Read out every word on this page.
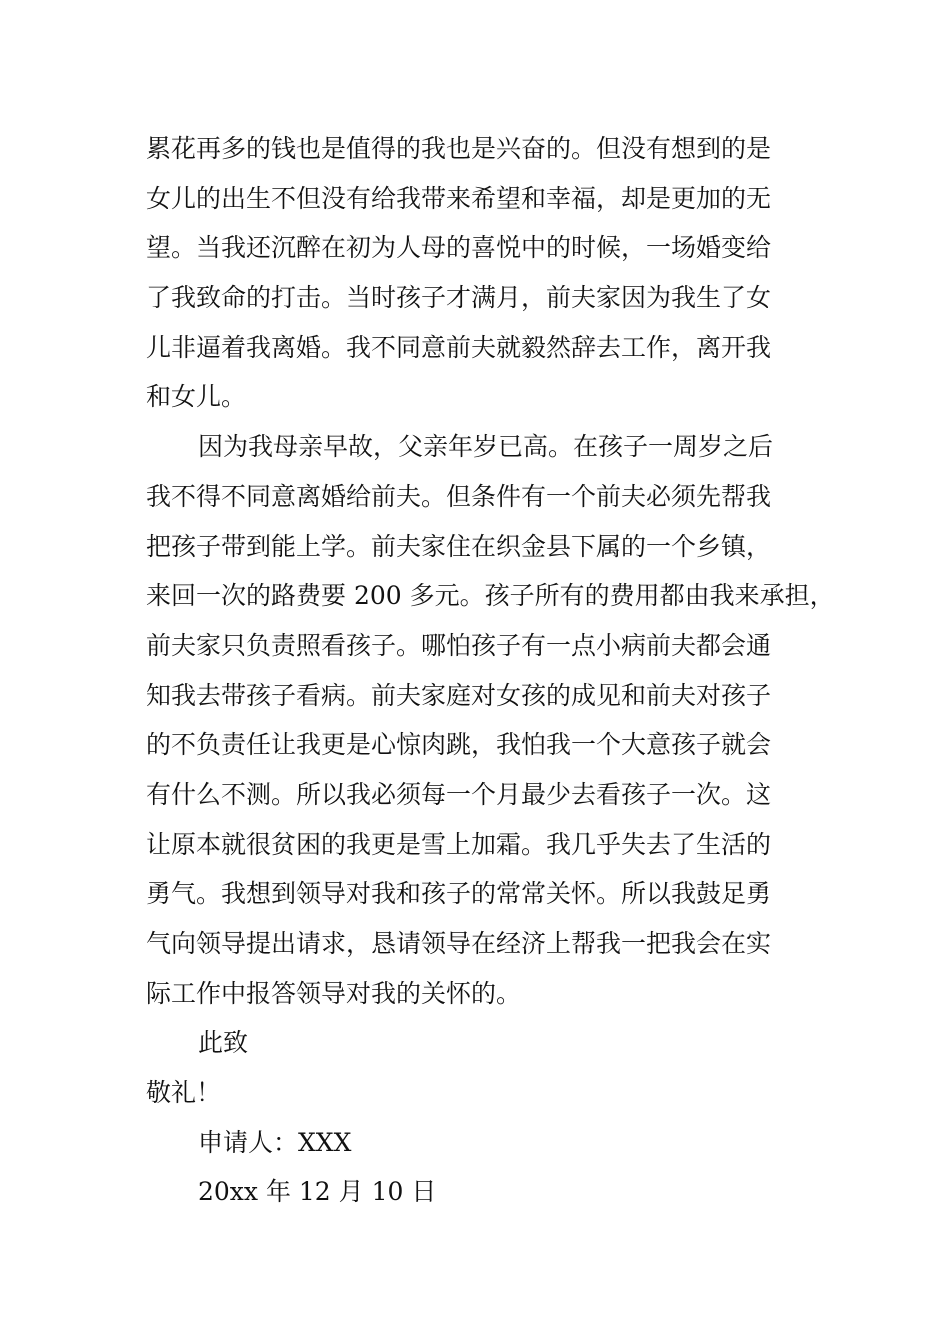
累花再多的钱也是值得的我也是兴奋的。但没有想到的是
女儿的出生不但没有给我带来希望和幸福，却是更加的无
望。当我还沉醉在初为人母的喜悦中的时候，一场婚变给
了我致命的打击。当时孩子才满月，前夫家因为我生了女
儿非逼着我离婚。我不同意前夫就毅然辞去工作，离开我
和女儿。
因为我母亲早故，父亲年岁已高。在孩子一周岁之后
我不得不同意离婚给前夫。但条件有一个前夫必须先帮我
把孩子带到能上学。前夫家住在织金县下属的一个乡镇，
来回一次的路费要 200 多元。孩子所有的费用都由我来承担，
前夫家只负责照看孩子。哪怕孩子有一点小病前夫都会通
知我去带孩子看病。前夫家庭对女孩的成见和前夫对孩子
的不负责任让我更是心惊肉跳，我怕我一个大意孩子就会
有什么不测。所以我必须每一个月最少去看孩子一次。这
让原本就很贫困的我更是雪上加霜。我几乎失去了生活的
勇气。我想到领导对我和孩子的常常关怀。所以我鼓足勇
气向领导提出请求，恳请领导在经济上帮我一把我会在实
际工作中报答领导对我的关怀的。
此致
敬礼！
申请人：XXX
20xx 年 12 月 10 日
